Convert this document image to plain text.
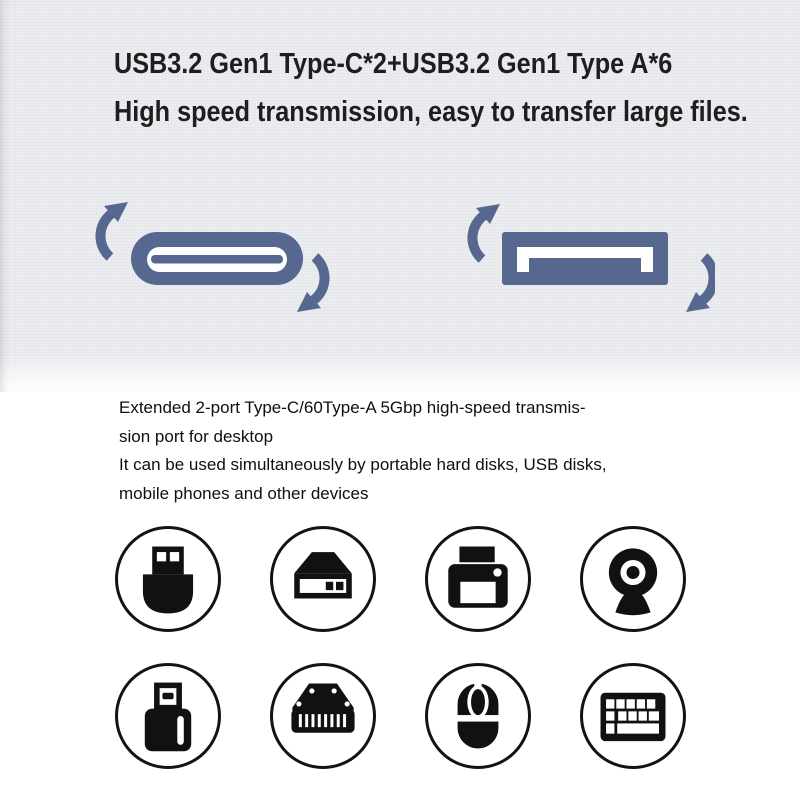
USB3.2 Gen1 Type-C*2+USB3.2 Gen1 Type A*6
High speed transmission, easy to transfer large files.
Extended 2-port Type-C/60Type-A 5Gbp high-speed transmis-
sion port for desktop
It can be used simultaneously by portable hard disks, USB disks,
mobile phones and other devices
